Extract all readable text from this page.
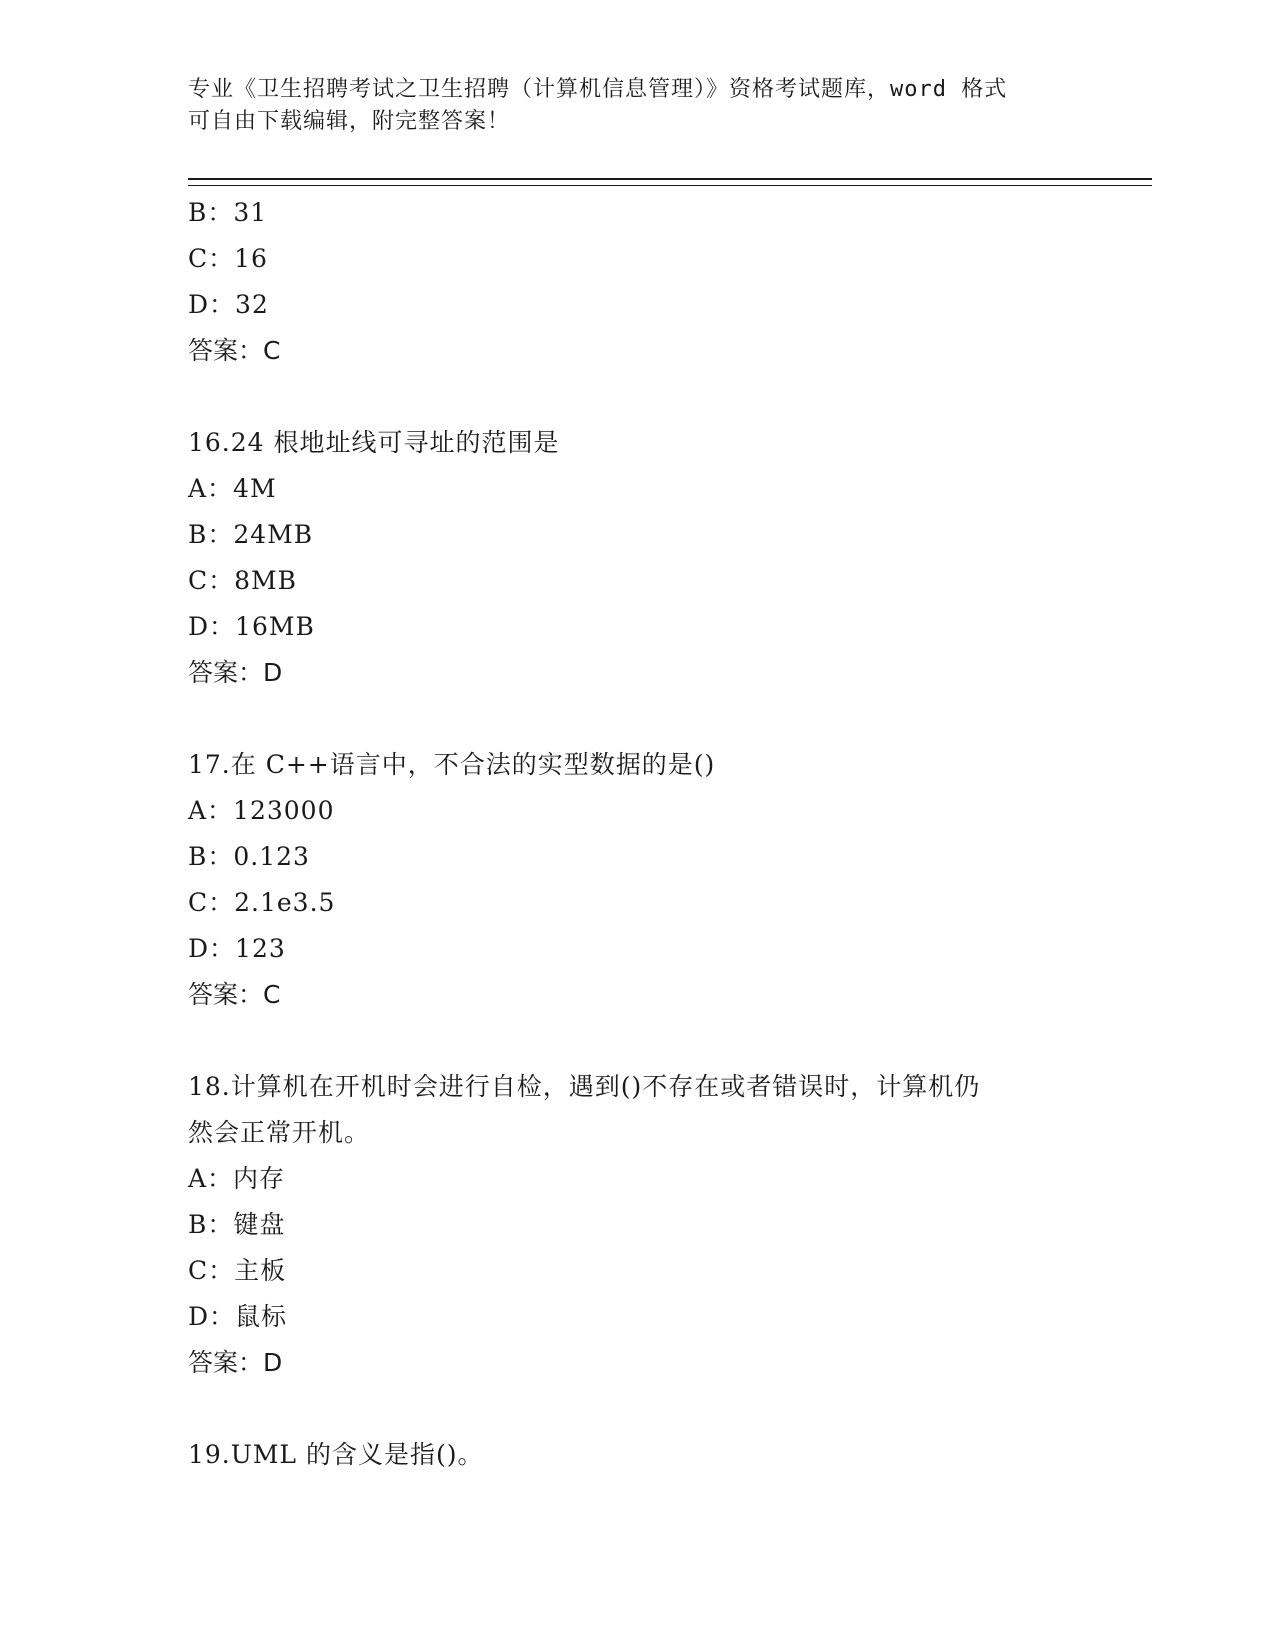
专业《卫生招聘考试之卫生招聘（计算机信息管理）》资格考试题库，word 格式
可自由下载编辑，附完整答案！
B：31
C：16
D：32
答案：C
16.24 根地址线可寻址的范围是
A：4M
B：24MB
C：8MB
D：16MB
答案：D
17.在 C++语言中，不合法的实型数据的是()
A：123000
B：0.123
C：2.1e3.5
D：123
答案：C
18.计算机在开机时会进行自检，遇到()不存在或者错误时，计算机仍
然会正常开机。
A：内存
B：键盘
C：主板
D：鼠标
答案：D
19.UML 的含义是指()。
